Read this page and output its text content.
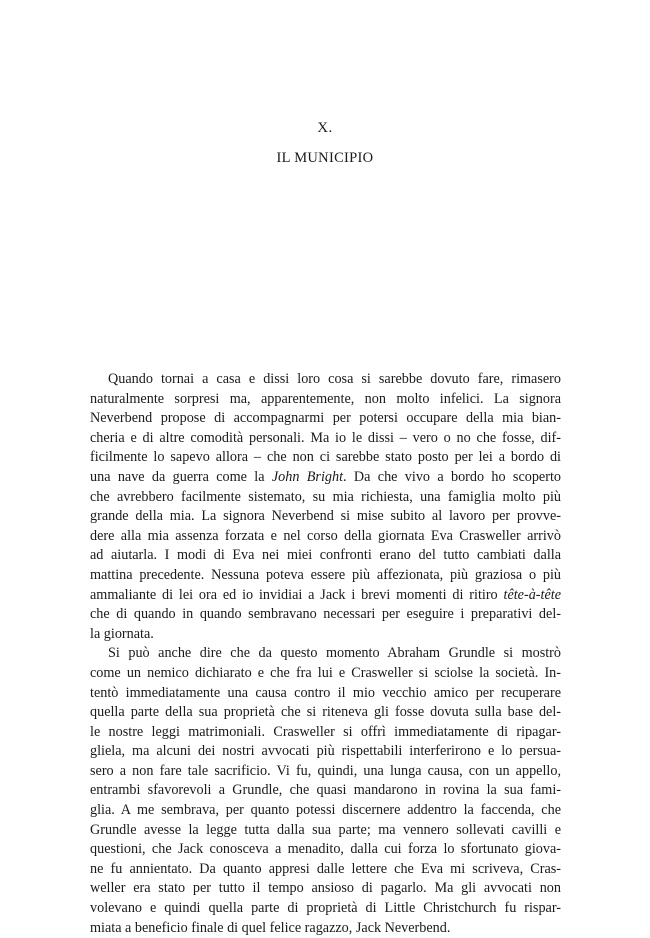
X.
IL MUNICIPIO
Quando tornai a casa e dissi loro cosa si sarebbe dovuto fare, rimasero
naturalmente sorpresi ma, apparentemente, non molto infelici. La signora
Neverbend propose di accompagnarmi per potersi occupare della mia bian-
cheria e di altre comodità personali. Ma io le dissi – vero o no che fosse, dif-
ficilmente lo sapevo allora – che non ci sarebbe stato posto per lei a bordo di
una nave da guerra come la John Bright. Da che vivo a bordo ho scoperto
che avrebbero facilmente sistemato, su mia richiesta, una famiglia molto più
grande della mia. La signora Neverbend si mise subito al lavoro per provve-
dere alla mia assenza forzata e nel corso della giornata Eva Crasweller arrivò
ad aiutarla. I modi di Eva nei miei confronti erano del tutto cambiati dalla
mattina precedente. Nessuna poteva essere più affezionata, più graziosa o più
ammaliante di lei ora ed io invidiai a Jack i brevi momenti di ritiro tête-à-tête
che di quando in quando sembravano necessari per eseguire i preparativi del-
la giornata.
Si può anche dire che da questo momento Abraham Grundle si mostrò
come un nemico dichiarato e che fra lui e Crasweller si sciolse la società. In-
tentò immediatamente una causa contro il mio vecchio amico per recuperare
quella parte della sua proprietà che si riteneva gli fosse dovuta sulla base del-
le nostre leggi matrimoniali. Crasweller si offrì immediatamente di ripagar-
gliela, ma alcuni dei nostri avvocati più rispettabili interferirono e lo persua-
sero a non fare tale sacrificio. Vi fu, quindi, una lunga causa, con un appello,
entrambi sfavorevoli a Grundle, che quasi mandarono in rovina la sua fami-
glia. A me sembrava, per quanto potessi discernere addentro la faccenda, che
Grundle avesse la legge tutta dalla sua parte; ma vennero sollevati cavilli e
questioni, che Jack conosceva a menadito, dalla cui forza lo sfortunato giova-
ne fu annientato. Da quanto appresi dalle lettere che Eva mi scriveva, Cras-
weller era stato per tutto il tempo ansioso di pagarlo. Ma gli avvocati non
volevano e quindi quella parte di proprietà di Little Christchurch fu rispar-
miata a beneficio finale di quel felice ragazzo, Jack Neverbend.
